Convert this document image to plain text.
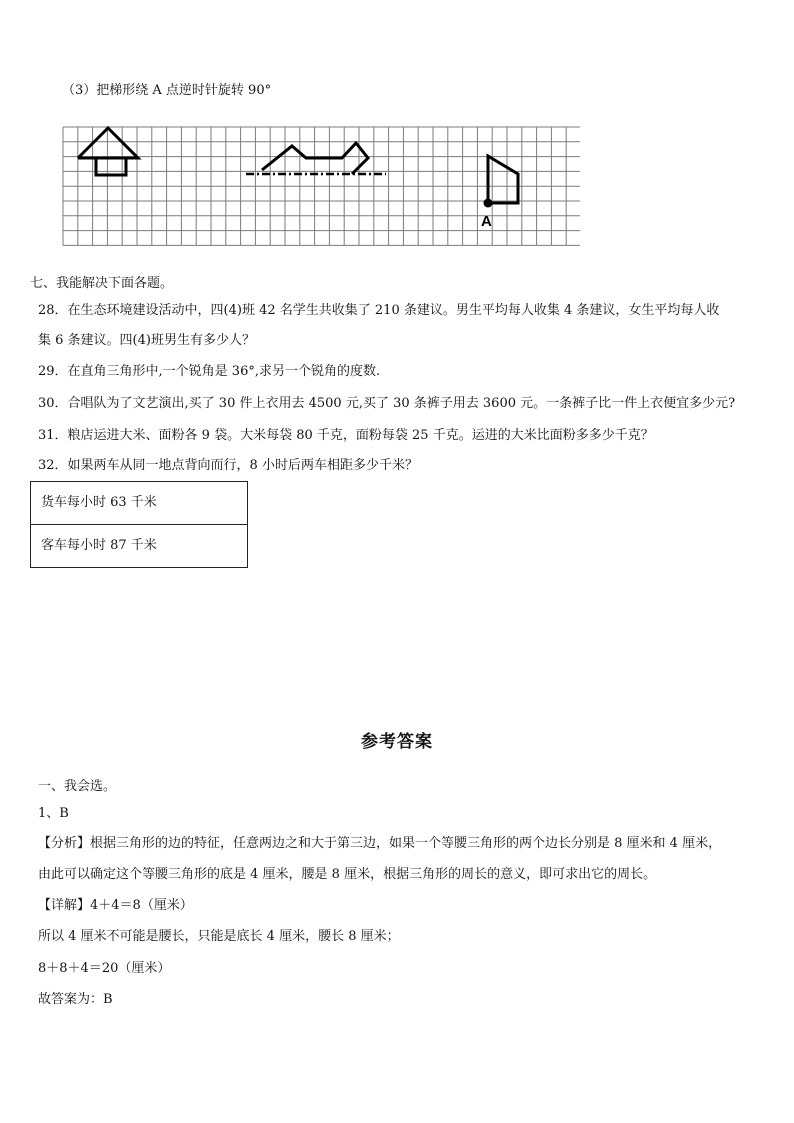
（3）把梯形绕 A 点逆时针旋转 90°
A
七、我能解决下面各题。
28．在生态环境建设活动中，四(4)班 42 名学生共收集了 210 条建议。男生平均每人收集 4 条建议，女生平均每人收
集 6 条建议。四(4)班男生有多少人？
29．在直角三角形中,一个锐角是 36°,求另一个锐角的度数.
30．合唱队为了文艺演出,买了 30 件上衣用去 4500 元,买了 30 条裤子用去 3600 元。一条裤子比一件上衣便宜多少元?
31．粮店运进大米、面粉各 9 袋。大米每袋 80 千克，面粉每袋 25 千克。运进的大米比面粉多多少千克？
32．如果两车从同一地点背向而行，8 小时后两车相距多少千米？
货车每小时 63 千米
客车每小时 87 千米
参考答案
一、我会选。
1、B
【分析】根据三角形的边的特征，任意两边之和大于第三边，如果一个等腰三角形的两个边长分别是 8 厘米和 4 厘米，
由此可以确定这个等腰三角形的底是 4 厘米，腰是 8 厘米，根据三角形的周长的意义，即可求出它的周长。
【详解】4＋4＝8（厘米）
所以 4 厘米不可能是腰长，只能是底长 4 厘米，腰长 8 厘米；
8＋8＋4＝20（厘米）
故答案为：B
